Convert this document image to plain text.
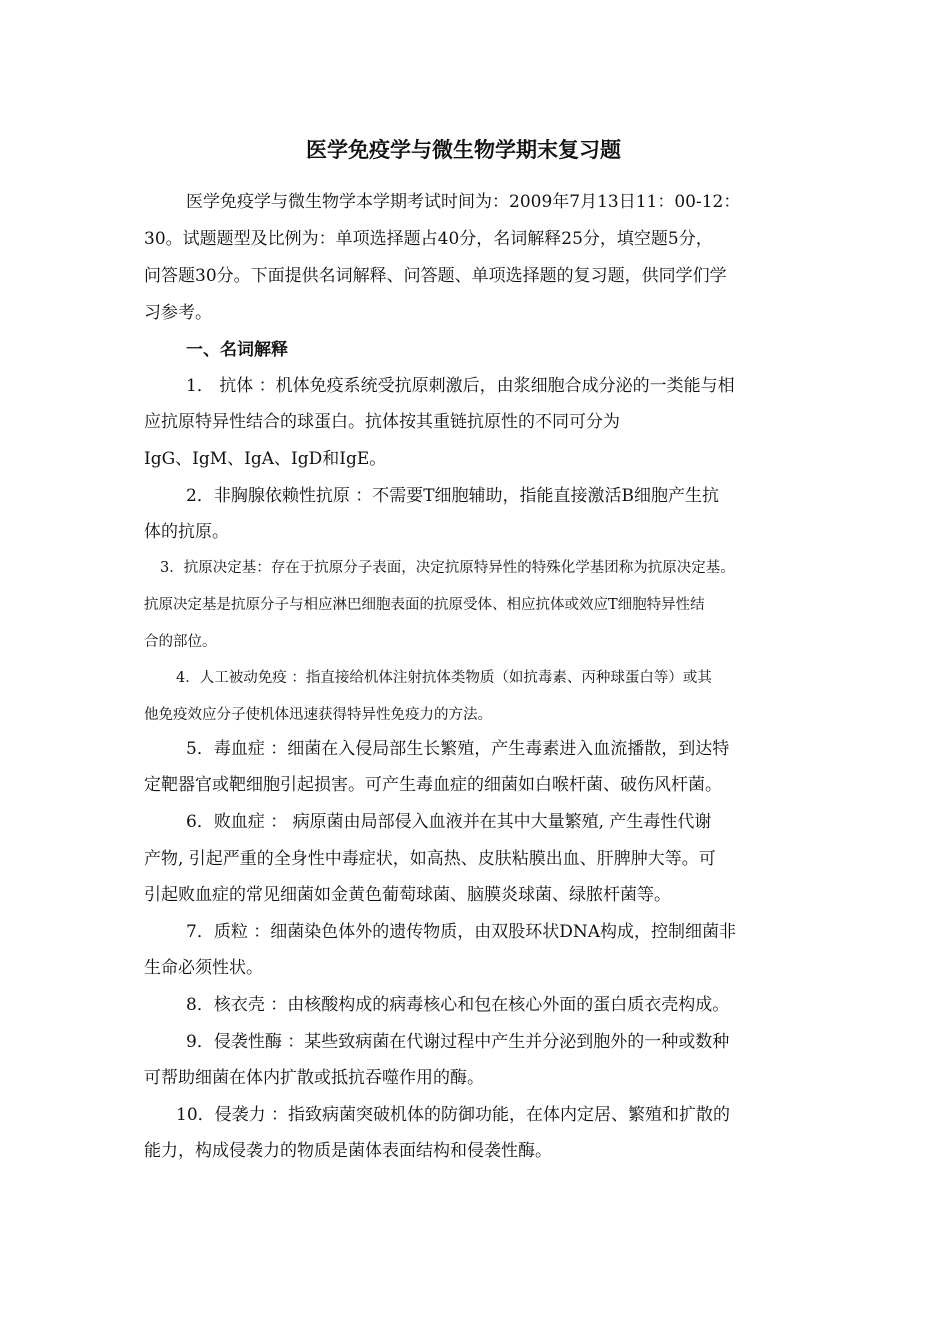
医学免疫学与微生物学期末复习题
医学免疫学与微生物学本学期考试时间为：2009年7月13日11：00-12：
30。试题题型及比例为：单项选择题占40分，名词解释25分，填空题5分，
问答题30分。下面提供名词解释、问答题、单项选择题的复习题，供同学们学
习参考。
一、名词解释
1． 抗体 ：机体免疫系统受抗原刺激后，由浆细胞合成分泌的一类能与相
应抗原特异性结合的球蛋白。抗体按其重链抗原性的不同可分为
IgG、IgM、IgA、IgD和IgE。
2．非胸腺依赖性抗原 ：不需要T细胞辅助，指能直接激活B细胞产生抗
体的抗原。
3．抗原决定基：存在于抗原分子表面，决定抗原特异性的特殊化学基团称为抗原决定基。
抗原决定基是抗原分子与相应淋巴细胞表面的抗原受体、相应抗体或效应T细胞特异性结
合的部位。
4．人工被动免疫 ：指直接给机体注射抗体类物质（如抗毒素、丙种球蛋白等）或其
他免疫效应分子使机体迅速获得特异性免疫力的方法。
5．毒血症 ：细菌在入侵局部生长繁殖，产生毒素进入血流播散，到达特
定靶器官或靶细胞引起损害。可产生毒血症的细菌如白喉杆菌、破伤风杆菌。
6．败血症 ： 病原菌由局部侵入血液并在其中大量繁殖, 产生毒性代谢
产物, 引起严重的全身性中毒症状，如高热、皮肤粘膜出血、肝脾肿大等。可
引起败血症的常见细菌如金黄色葡萄球菌、脑膜炎球菌、绿脓杆菌等。
7．质粒 ：细菌染色体外的遗传物质，由双股环状DNA构成，控制细菌非
生命必须性状。
8．核衣壳 ：由核酸构成的病毒核心和包在核心外面的蛋白质衣壳构成。
9．侵袭性酶 ：某些致病菌在代谢过程中产生并分泌到胞外的一种或数种
可帮助细菌在体内扩散或抵抗吞噬作用的酶。
10．侵袭力 ：指致病菌突破机体的防御功能，在体内定居、繁殖和扩散的
能力，构成侵袭力的物质是菌体表面结构和侵袭性酶。
